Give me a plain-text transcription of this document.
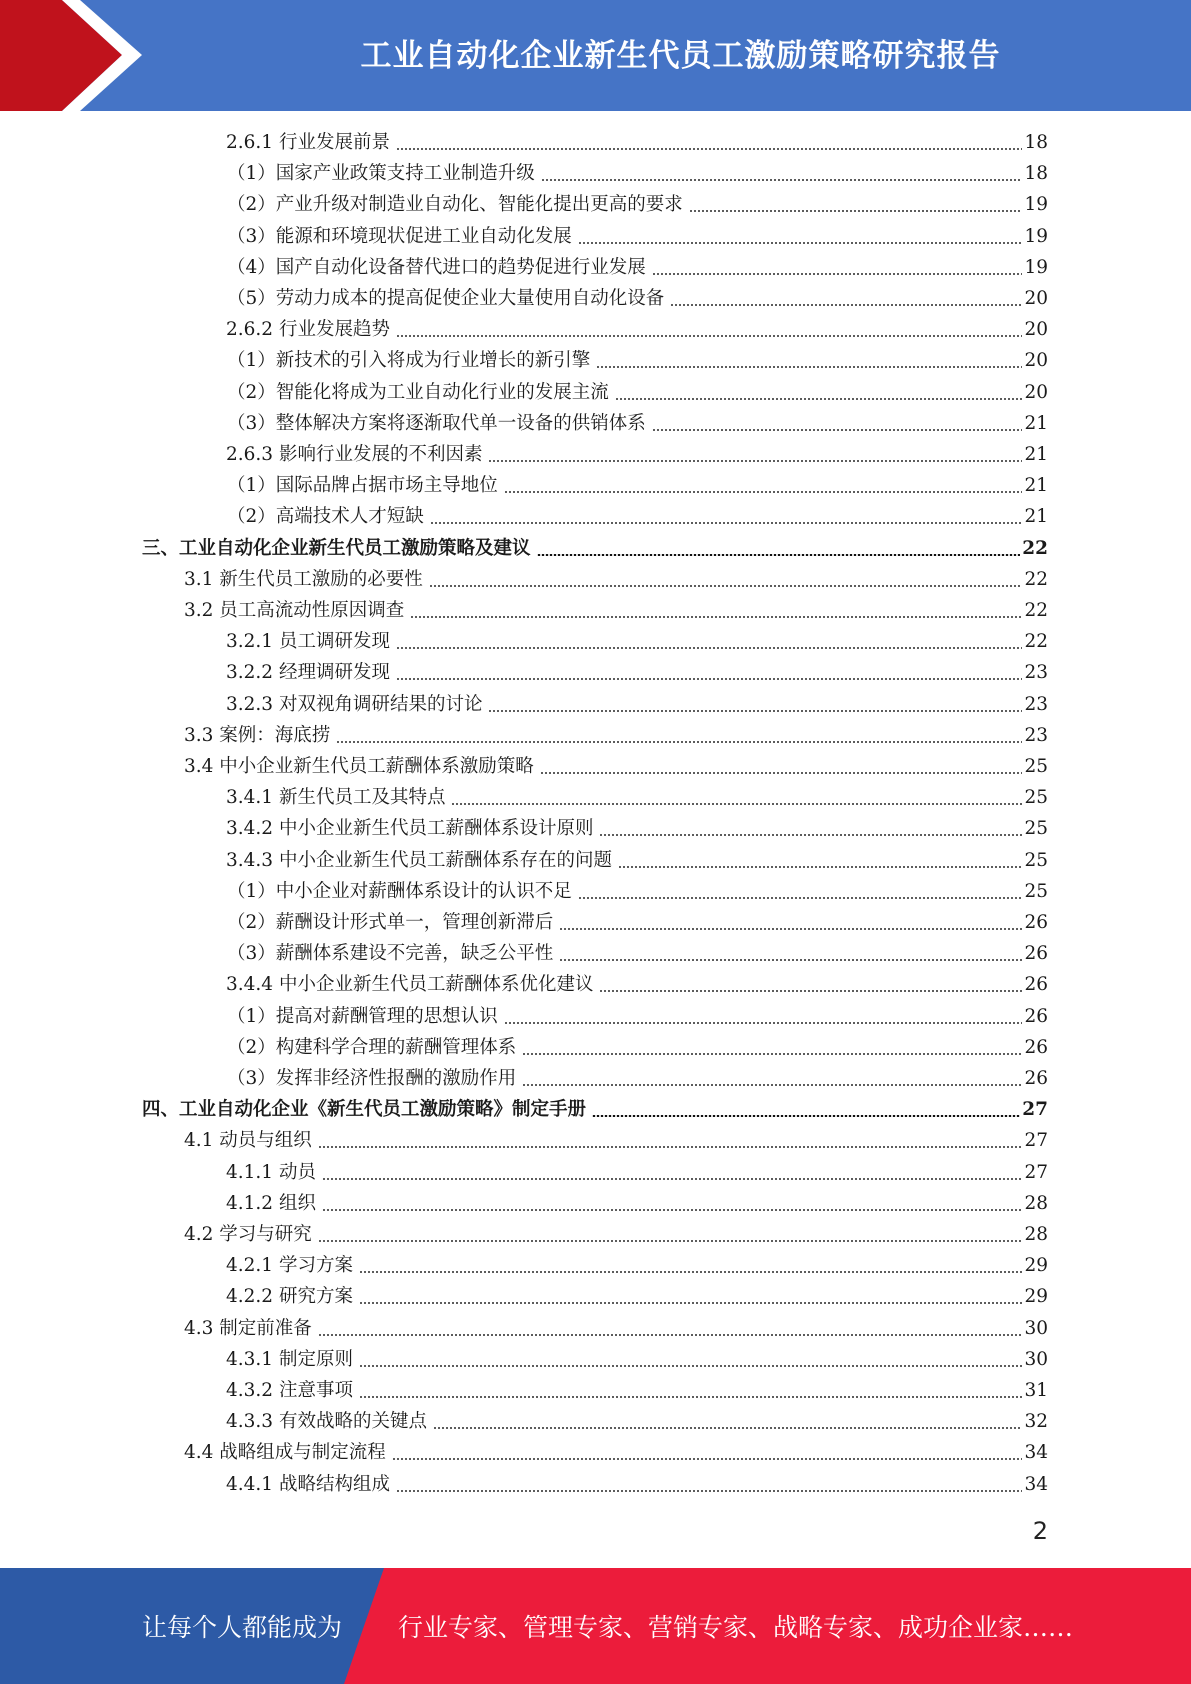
工业自动化企业新生代员工激励策略研究报告
2.6.1 行业发展前景	18
（1）国家产业政策支持工业制造升级	18
（2）产业升级对制造业自动化、智能化提出更高的要求	19
（3）能源和环境现状促进工业自动化发展	19
（4）国产自动化设备替代进口的趋势促进行业发展	19
（5）劳动力成本的提高促使企业大量使用自动化设备	20
2.6.2 行业发展趋势	20
（1）新技术的引入将成为行业增长的新引擎	20
（2）智能化将成为工业自动化行业的发展主流	20
（3）整体解决方案将逐渐取代单一设备的供销体系	21
2.6.3 影响行业发展的不利因素	21
（1）国际品牌占据市场主导地位	21
（2）高端技术人才短缺	21
三、工业自动化企业新生代员工激励策略及建议	22
3.1 新生代员工激励的必要性	22
3.2 员工高流动性原因调查	22
3.2.1 员工调研发现	22
3.2.2 经理调研发现	23
3.2.3 对双视角调研结果的讨论	23
3.3 案例：海底捞	23
3.4 中小企业新生代员工薪酬体系激励策略	25
3.4.1 新生代员工及其特点	25
3.4.2 中小企业新生代员工薪酬体系设计原则	25
3.4.3 中小企业新生代员工薪酬体系存在的问题	25
（1）中小企业对薪酬体系设计的认识不足	25
（2）薪酬设计形式单一，管理创新滞后	26
（3）薪酬体系建设不完善，缺乏公平性	26
3.4.4 中小企业新生代员工薪酬体系优化建议	26
（1）提高对薪酬管理的思想认识	26
（2）构建科学合理的薪酬管理体系	26
（3）发挥非经济性报酬的激励作用	26
四、工业自动化企业《新生代员工激励策略》制定手册	27
4.1 动员与组织	27
4.1.1 动员	27
4.1.2 组织	28
4.2 学习与研究	28
4.2.1 学习方案	29
4.2.2 研究方案	29
4.3 制定前准备	30
4.3.1 制定原则	30
4.3.2 注意事项	31
4.3.3 有效战略的关键点	32
4.4 战略组成与制定流程	34
4.4.1 战略结构组成	34
2
让每个人都能成为 行业专家、管理专家、营销专家、战略专家、成功企业家……
